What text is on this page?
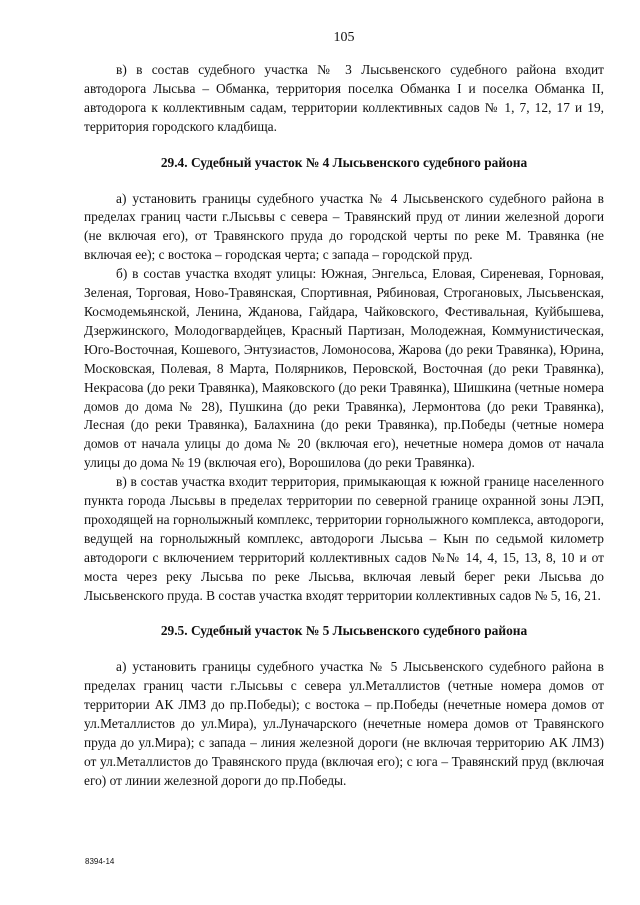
105

в) в состав судебного участка № 3 Лысьвенского судебного района входит автодорога Лысьва – Обманка, территория поселка Обманка I и поселка Обманка II, автодорога к коллективным садам, территории коллективных садов № 1, 7, 12, 17 и 19, территория городского кладбища.

29.4. Судебный участок № 4 Лысьвенского судебного района

а) установить границы судебного участка № 4 Лысьвенского судебного района в пределах границ части г.Лысьвы с севера – Травянский пруд от линии железной дороги (не включая его), от Травянского пруда до городской черты по реке М. Травянка (не включая ее); с востока – городская черта; с запада – городской пруд.

б) в состав участка входят улицы: Южная, Энгельса, Еловая, Сиреневая, Горновая, Зеленая, Торговая, Ново-Травянская, Спортивная, Рябиновая, Строгановых, Лысьвенская, Космодемьянской, Ленина, Жданова, Гайдара, Чайковского, Фестивальная, Куйбышева, Дзержинского, Молодогвардейцев, Красный Партизан, Молодежная, Коммунистическая, Юго-Восточная, Кошевого, Энтузиастов, Ломоносова, Жарова (до реки Травянка), Юрина, Московская, Полевая, 8 Марта, Полярников, Перовской, Восточная (до реки Травянка), Некрасова (до реки Травянка), Маяковского (до реки Травянка), Шишкина (четные номера домов до дома № 28), Пушкина (до реки Травянка), Лермонтова (до реки Травянка), Лесная (до реки Травянка), Балахнина (до реки Травянка), пр.Победы (четные номера домов от начала улицы до дома № 20 (включая его), нечетные номера домов от начала улицы до дома № 19 (включая его), Ворошилова (до реки Травянка).

в) в состав участка входит территория, примыкающая к южной границе населенного пункта города Лысьвы в пределах территории по северной границе охранной зоны ЛЭП, проходящей на горнолыжный комплекс, территории горнолыжного комплекса, автодороги, ведущей на горнолыжный комплекс, автодороги Лысьва – Кын по седьмой километр автодороги с включением территорий коллективных садов №№ 14, 4, 15, 13, 8, 10 и от моста через реку Лысьва по реке Лысьва, включая левый берег реки Лысьва до Лысьвенского пруда. В состав участка входят территории коллективных садов № 5, 16, 21.

29.5. Судебный участок № 5 Лысьвенского судебного района

а) установить границы судебного участка № 5 Лысьвенского судебного района в пределах границ части г.Лысьвы с севера ул.Металлистов (четные номера домов от территории АК ЛМЗ до пр.Победы); с востока – пр.Победы (нечетные номера домов от ул.Металлистов до ул.Мира), ул.Луначарского (нечетные номера домов от Травянского пруда до ул.Мира); с запада – линия железной дороги (не включая территорию АК ЛМЗ) от ул.Металлистов до Травянского пруда (включая его); с юга – Травянский пруд (включая его) от линии железной дороги до пр.Победы.

8394-14
